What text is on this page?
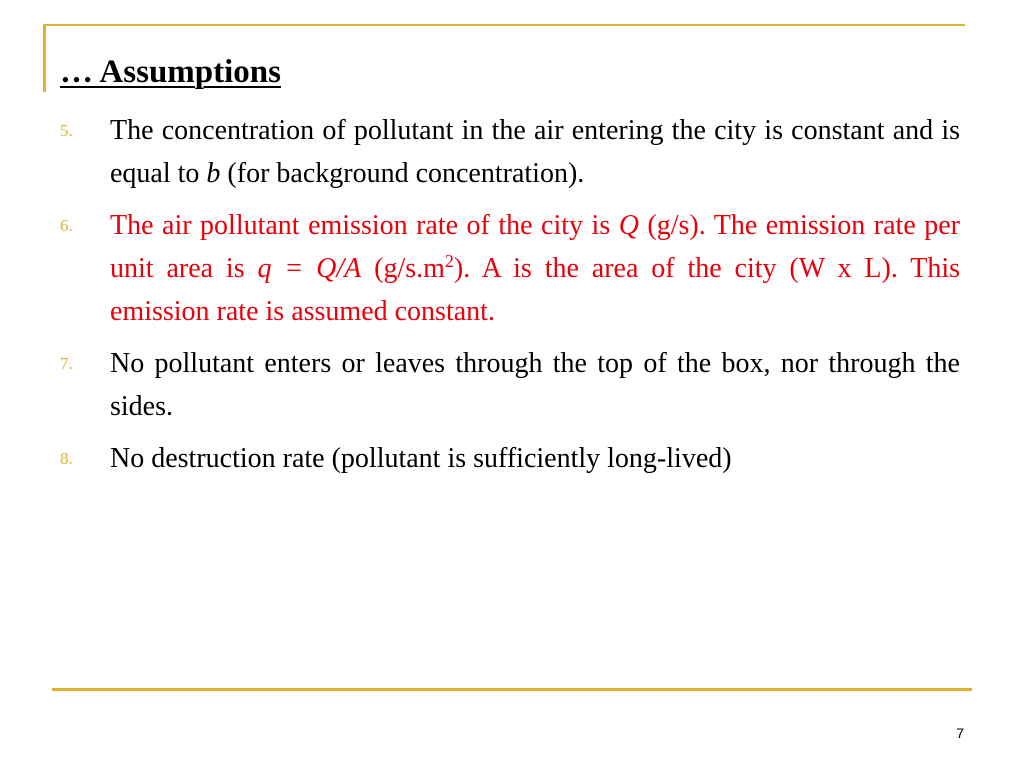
… Assumptions
5.	The concentration of pollutant in the air entering the city is constant and is equal to b (for background concentration).
6.	The air pollutant emission rate of the city is Q (g/s). The emission rate per unit area is q = Q/A $(g/s.m^2)$. A is the area of the city (W x L). This emission rate is assumed constant.
7.	No pollutant enters or leaves through the top of the box, nor through the sides.
8.	No destruction rate (pollutant is sufficiently long-lived)
7
